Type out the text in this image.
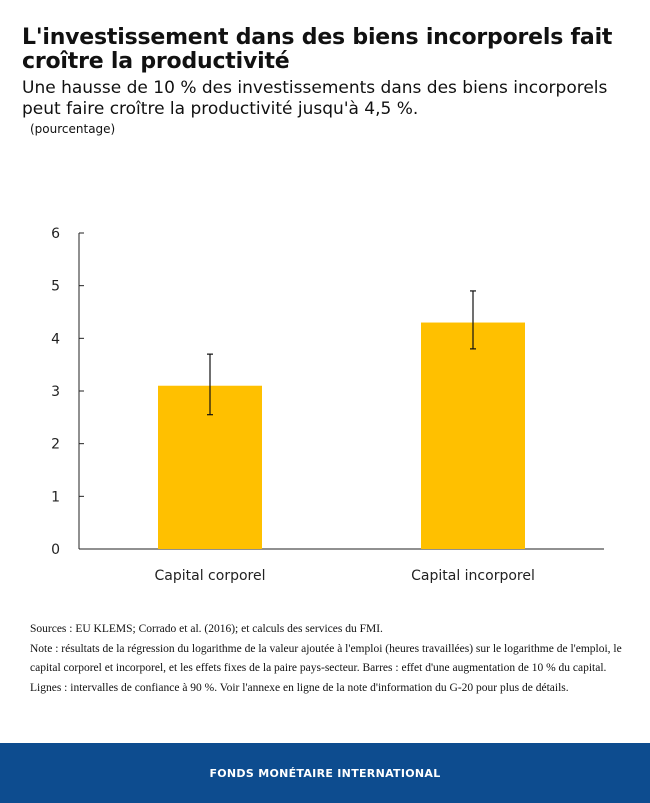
L'investissement dans des biens incorporels fait croître la productivité
Une hausse de 10 % des investissements dans des biens incorporels peut faire croître la productivité jusqu'à 4,5 %.
(pourcentage)
0
1
2
3
4
5
6
Capital corporel	Capital incorporel

Sources : EU KLEMS; Corrado et al. (2016); et calculs des services du FMI.

Note : résultats de la régression du logarithme de la valeur ajoutée à l'emploi (heures travaillées) sur le logarithme de l'emploi, le capital corporel et incorporel, et les effets fixes de la paire pays-secteur. Barres : effet d'une augmentation de 10 % du capital. Lignes : intervalles de confiance à 90 %. Voir l'annexe en ligne de la note d'information du G-20 pour plus de détails.

FONDS MONÉTAIRE INTERNATIONAL
